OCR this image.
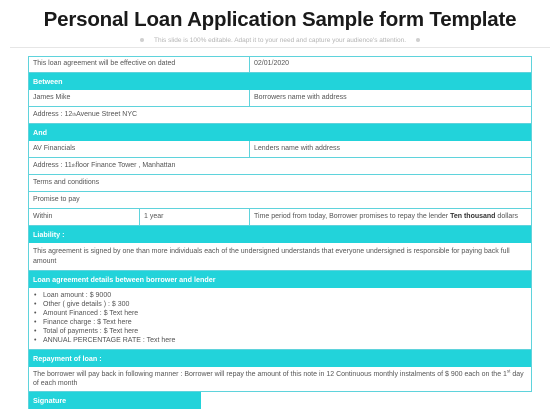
Personal Loan Application Sample form Template
This slide is 100% editable. Adapt it to your need and capture your audience's attention.
This loan agreement will be effective on dated	02/01/2020
Between
James Mike	Borrowers name with address
Address : 12 th Avenue Street NYC
And
AV Financials	Lenders name with address
Address : 11 th floor Finance Tower , Manhattan
Terms and conditions
Promise to pay
Within	1 year	Time period from today, Borrower promises to repay the lender
Ten thousand
dollars
Liability :
This agreement is signed by one than more individuals each of the undersigned understands that everyone undersigned is responsible for paying back full amount
Loan agreement details between borrower and lender
• Loan amount : $ 9000
• Other ( give details ) : $ 300
• Amount Financed : $ Text here
• Finance charge : $ Text here
• Total of payments : $ Text here
• ANNUAL PERCENTAGE RATE : Text here
Repayment of loan :
The borrower will pay back in following manner : Borrower will repay the amount of this note in 12 Continuous monthly instalments of $ 900 each on the 1st day of each month
Signature
